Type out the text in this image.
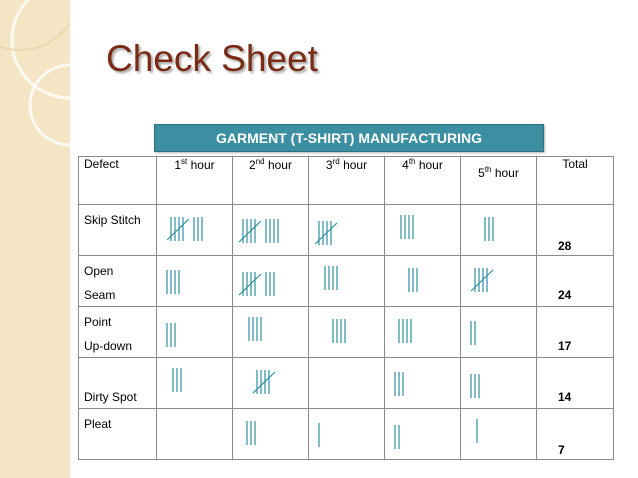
Check Sheet
GARMENT (T-SHIRT) MANUFACTURING
Defect	1st hour	2nd hour	3rd hour	4th hour	5th hour	Total

Skip Stitch						28

Open
Seam						24

Point
Up-down						17

Dirty Spot						14

Pleat						7
